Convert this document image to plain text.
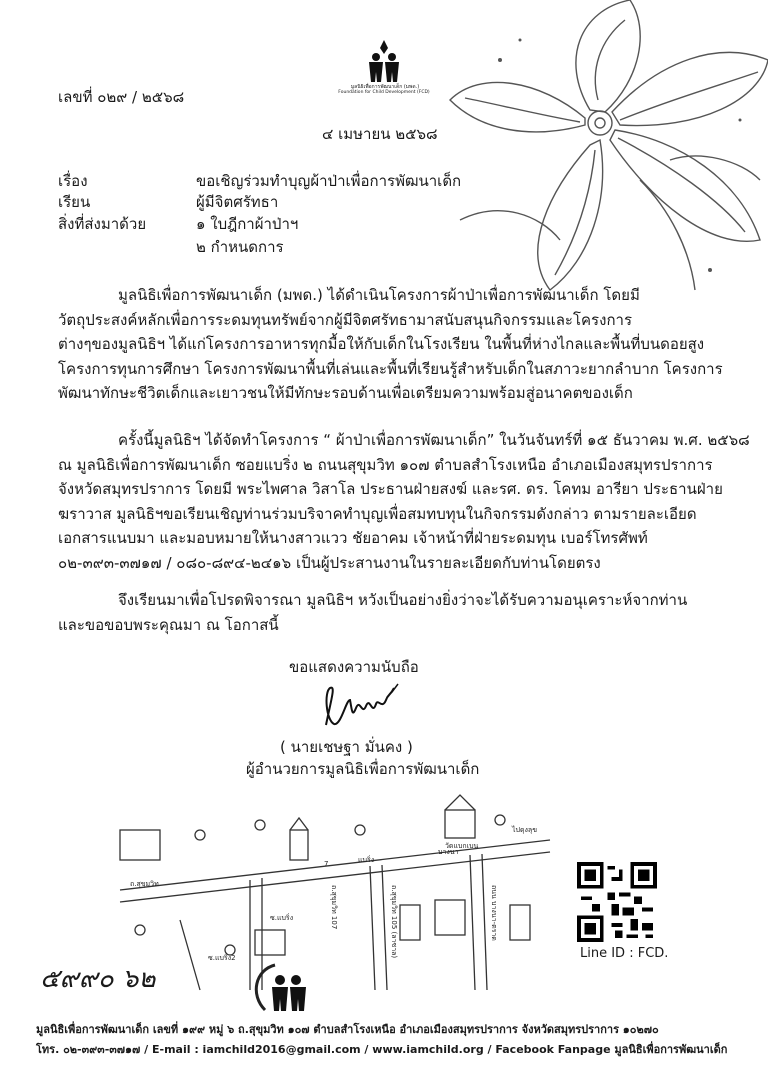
มูลนิธิเพื่อการพัฒนาเด็ก (มพด.)
Foundation for Child Development (FCD)
เลขที่ ๐๒๙ / ๒๕๖๘
๔ เมษายน ๒๕๖๘
เรื่อง	ขอเชิญร่วมทำบุญผ้าป่าเพื่อการพัฒนาเด็ก
เรียน	ผู้มีจิตศรัทธา
สิ่งที่ส่งมาด้วย	๑ ใบฎีกาผ้าป่าฯ
๒ กำหนดการ
มูลนิธิเพื่อการพัฒนาเด็ก (มพด.) ได้ดำเนินโครงการผ้าป่าเพื่อการพัฒนาเด็ก โดยมี
วัตถุประสงค์หลักเพื่อการระดมทุนทรัพย์จากผู้มีจิตศรัทธามาสนับสนุนกิจกรรมและโครงการ
ต่างๆของมูลนิธิฯ ได้แก่โครงการอาหารทุกมื้อให้กับเด็กในโรงเรียน ในพื้นที่ห่างไกลและพื้นที่บนดอยสูง
โครงการทุนการศึกษา โครงการพัฒนาพื้นที่เล่นและพื้นที่เรียนรู้สำหรับเด็กในสภาวะยากลำบาก โครงการ
พัฒนาทักษะชีวิตเด็กและเยาวชนให้มีทักษะรอบด้านเพื่อเตรียมความพร้อมสู่อนาคตของเด็ก
ครั้งนี้มูลนิธิฯ ได้จัดทำโครงการ “ ผ้าป่าเพื่อการพัฒนาเด็ก” ในวันจันทร์ที่ ๑๕ ธันวาคม พ.ศ. ๒๕๖๘
ณ มูลนิธิเพื่อการพัฒนาเด็ก ซอยแบริ่ง ๒ ถนนสุขุมวิท ๑๐๗ ตำบลสำโรงเหนือ อำเภอเมืองสมุทรปราการ
จังหวัดสมุทรปราการ โดยมี พระไพศาล วิสาโล ประธานฝ่ายสงฆ์ และรศ. ดร. โคทม อารียา ประธานฝ่าย
ฆราวาส มูลนิธิฯขอเรียนเชิญท่านร่วมบริจาคทำบุญเพื่อสมทบทุนในกิจกรรมดังกล่าว ตามรายละเอียด
เอกสารแนบมา และมอบหมายให้นางสาวแวว ชัยอาคม เจ้าหน้าที่ฝ่ายระดมทุน เบอร์โทรศัพท์
๐๒-๓๙๓-๓๗๑๗ / ๐๘๐-๘๙๔-๒๔๑๖ เป็นผู้ประสานงานในรายละเอียดกับท่านโดยตรง
จึงเรียนมาเพื่อโปรดพิจารณา มูลนิธิฯ หวังเป็นอย่างยิ่งว่าจะได้รับความอนุเคราะห์จากท่าน
และขอขอบพระคุณมา ณ โอกาสนี้
ขอแสดงความนับถือ
( นายเชษฐา มั่นคง )
ผู้อำนวยการมูลนิธิเพื่อการพัฒนาเด็ก
วัดแบกเบน
ไปดุงลุข
ถ.สุขุมวิท
แบริ่ง
บางนา
7
ซ.แบริ่ง2
ซ.แบริ่ง	ถ.สุขุมวิท 107	ถ.สุขุมวิท 105 (ลาซาล)	ถนน บางนา-ตราด
Line ID : FCD.
๕๙๙๐ ๖๒
มูลนิธิเพื่อการพัฒนาเด็ก เลขที่ ๑๙๙ หมู่ ๖ ถ.สุขุมวิท ๑๐๗ ตำบลสำโรงเหนือ อำเภอเมืองสมุทรปราการ จังหวัดสมุทรปราการ ๑๐๒๗๐
โทร. ๐๒-๓๙๓-๓๗๑๗ / E-mail : iamchild2016@gmail.com / www.iamchild.org / Facebook Fanpage มูลนิธิเพื่อการพัฒนาเด็ก
